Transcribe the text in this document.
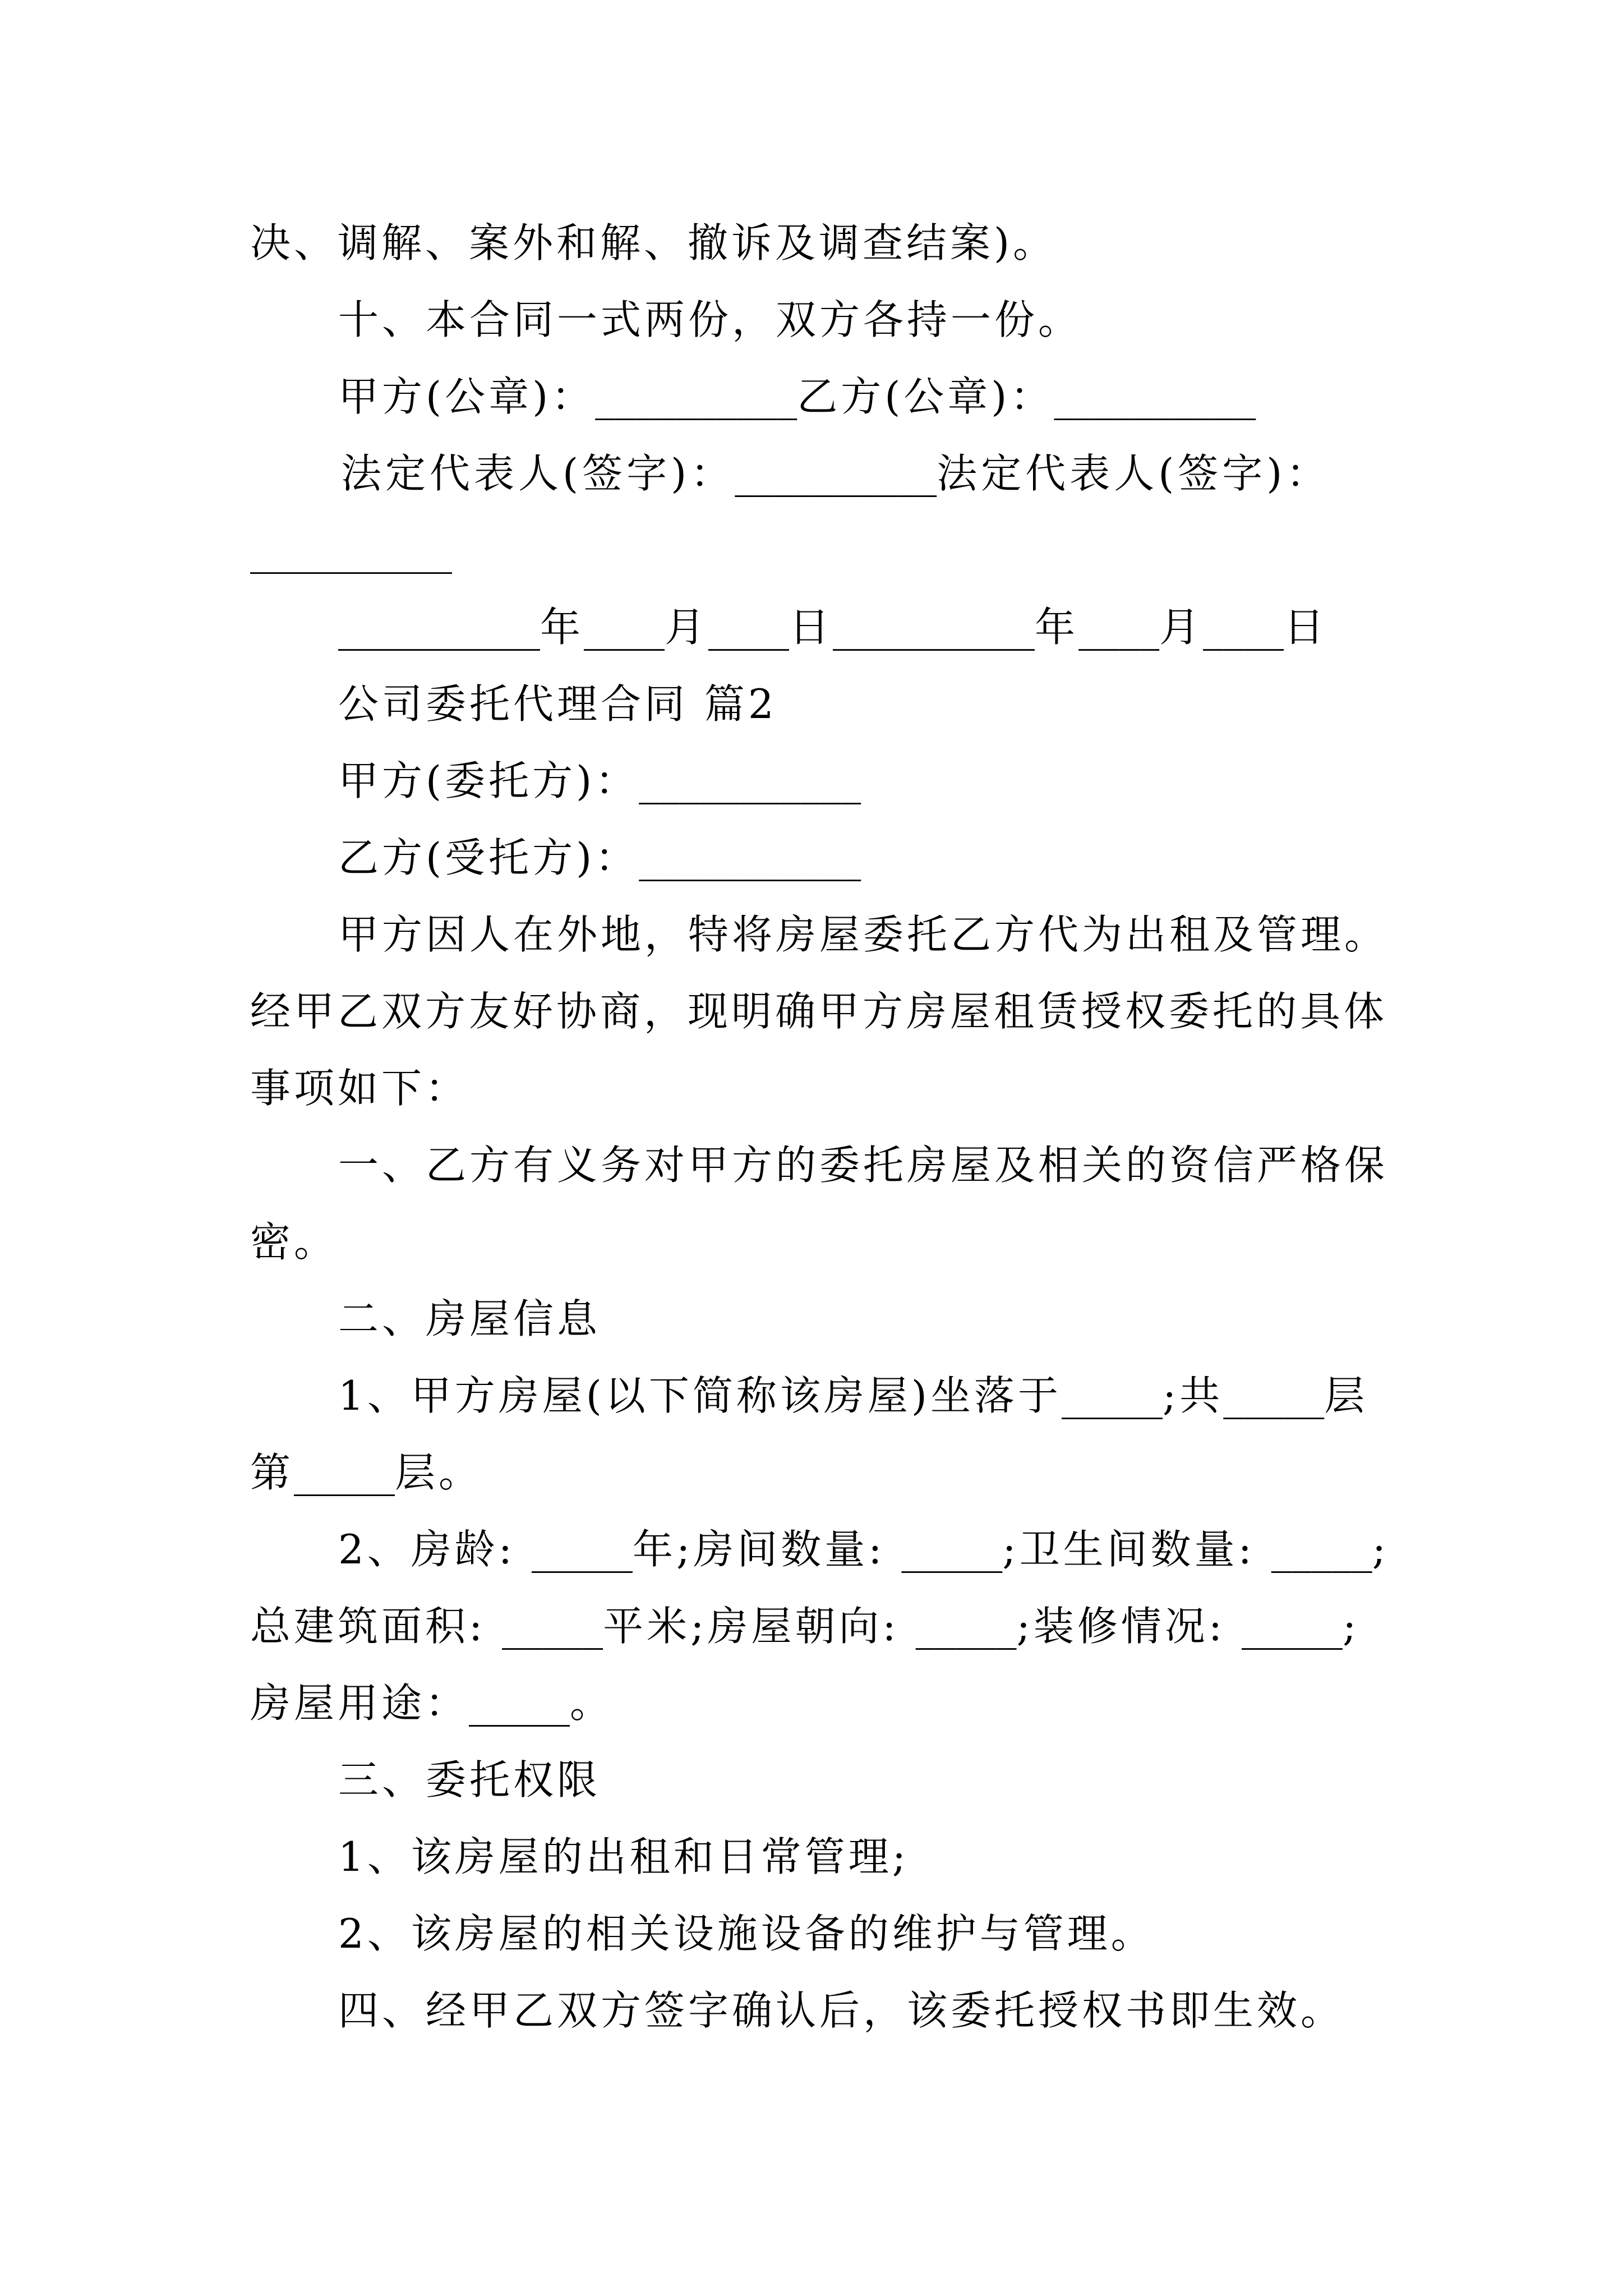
决、调解、案外和解、撤诉及调查结案)。

十、本合同一式两份，双方各持一份。

甲方(公章)：__________乙方(公章)：__________

法定代表人(签字)：__________法定代表人(签字)：

__________

__________年____月____日__________年____月____日

公司委托代理合同 篇2

甲方(委托方)：___________

乙方(受托方)：___________

甲方因人在外地，特将房屋委托乙方代为出租及管理。

经甲乙双方友好协商，现明确甲方房屋租赁授权委托的具体

事项如下：

一、乙方有义务对甲方的委托房屋及相关的资信严格保

密。

二、房屋信息

1、甲方房屋(以下简称该房屋)坐落于_____;共_____层

第_____层。

2、房龄: _____年;房间数量: _____;卫生间数量: _____;

总建筑面积: _____平米;房屋朝向: _____;装修情况: _____;

房屋用途：_____。

三、委托权限

1、该房屋的出租和日常管理;

2、该房屋的相关设施设备的维护与管理。

四、经甲乙双方签字确认后，该委托授权书即生效。
